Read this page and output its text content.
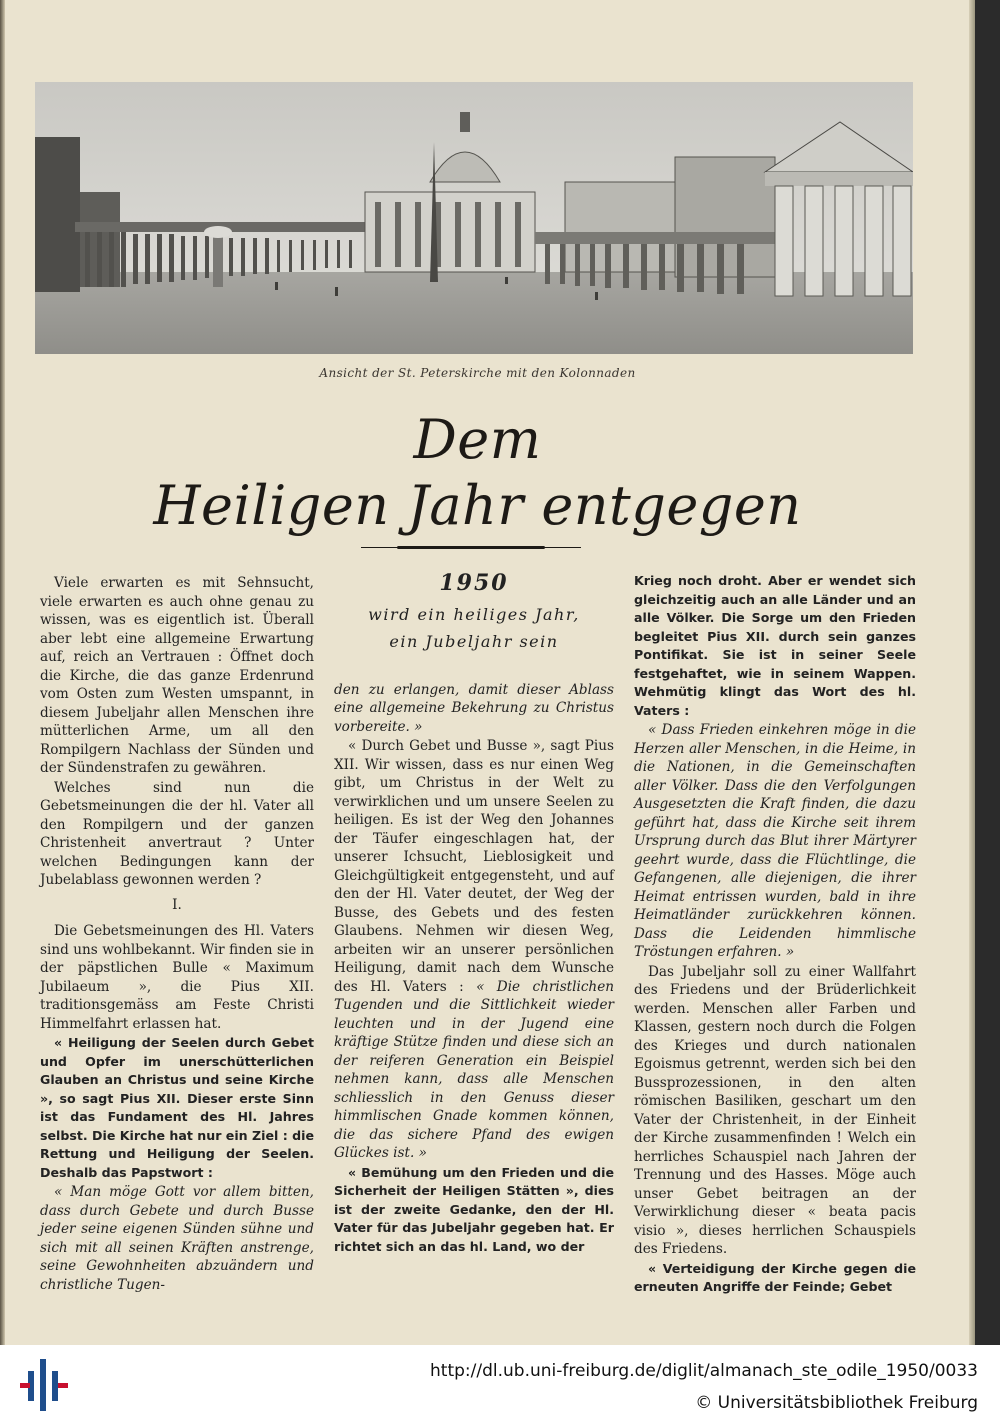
Ansicht der St. Peterskirche mit den Kolonnaden
Dem
Heiligen Jahr entgegen

Viele erwarten es mit Sehnsucht, viele erwarten es auch ohne genau zu wissen, was es eigentlich ist. Überall aber lebt eine allgemeine Erwartung auf, reich an Vertrauen : Öffnet doch die Kirche, die das ganze Erdenrund vom Osten zum Westen umspannt, in diesem Jubeljahr allen Menschen ihre mütterlichen Arme, um all den Rompilgern Nachlass der Sünden und der Sündenstrafen zu gewähren.

Welches sind nun die Gebetsmeinungen die der hl. Vater all den Rompilgern und der ganzen Christenheit anvertraut ? Unter welchen Bedingungen kann der Jubelablass gewonnen werden ?

I.

Die Gebetsmeinungen des Hl. Vaters sind uns wohlbekannt. Wir finden sie in der päpstlichen Bulle « Maximum Jubilaeum », die Pius XII. traditionsgemäss am Feste Christi Himmelfahrt erlassen hat.

« Heiligung der Seelen durch Gebet und Opfer im unerschütterlichen Glauben an Christus und seine Kirche », so sagt Pius XII. Dieser erste Sinn ist das Fundament des Hl. Jahres selbst. Die Kirche hat nur ein Ziel : die Rettung und Heiligung der Seelen. Deshalb das Papstwort :

« Man möge Gott vor allem bitten, dass durch Gebete und durch Busse jeder seine eigenen Sünden sühne und sich mit all seinen Kräften anstrenge, seine Gewohnheiten abzuändern und christliche Tugen-

1950
wird ein heiliges Jahr,
ein Jubeljahr sein

den zu erlangen, damit dieser Ablass eine allgemeine Bekehrung zu Christus vorbereite. »

« Durch Gebet und Busse », sagt Pius XII. Wir wissen, dass es nur einen Weg gibt, um Christus in der Welt zu verwirklichen und um unsere Seelen zu heiligen. Es ist der Weg den Johannes der Täufer eingeschlagen hat, der unserer Ichsucht, Lieblosigkeit und Gleichgültigkeit entgegensteht, und auf den der Hl. Vater deutet, der Weg der Busse, des Gebets und des festen Glaubens. Nehmen wir diesen Weg, arbeiten wir an unserer persönlichen Heiligung, damit nach dem Wunsche des Hl. Vaters : « Die christlichen Tugenden und die Sittlichkeit wieder leuchten und in der Jugend eine kräftige Stütze finden und diese sich an der reiferen Generation ein Beispiel nehmen kann, dass alle Menschen schliesslich in den Genuss dieser himmlischen Gnade kommen können, die das sichere Pfand des ewigen Glückes ist. »

« Bemühung um den Frieden und die Sicherheit der Heiligen Stätten », dies ist der zweite Gedanke, den der Hl. Vater für das Jubeljahr gegeben hat. Er richtet sich an das hl. Land, wo der

Krieg noch droht. Aber er wendet sich gleichzeitig auch an alle Länder und an alle Völker. Die Sorge um den Frieden begleitet Pius XII. durch sein ganzes Pontifikat. Sie ist in seiner Seele festgehaftet, wie in seinem Wappen. Wehmütig klingt das Wort des hl. Vaters :

« Dass Frieden einkehren möge in die Herzen aller Menschen, in die Heime, in die Nationen, in die Gemeinschaften aller Völker. Dass die den Verfolgungen Ausgesetzten die Kraft finden, die dazu geführt hat, dass die Kirche seit ihrem Ursprung durch das Blut ihrer Märtyrer geehrt wurde, dass die Flüchtlinge, die Gefangenen, alle diejenigen, die ihrer Heimat entrissen wurden, bald in ihre Heimatländer zurückkehren können. Dass die Leidenden himmlische Tröstungen erfahren. »

Das Jubeljahr soll zu einer Wallfahrt des Friedens und der Brüderlichkeit werden. Menschen aller Farben und Klassen, gestern noch durch die Folgen des Krieges und durch nationalen Egoismus getrennt, werden sich bei den Bussprozessionen, in den alten römischen Basiliken, geschart um den Vater der Christenheit, in der Einheit der Kirche zusammenfinden ! Welch ein herrliches Schauspiel nach Jahren der Trennung und des Hasses. Möge auch unser Gebet beitragen an der Verwirklichung dieser « beata pacis visio », dieses herrlichen Schauspiels des Friedens.

« Verteidigung der Kirche gegen die erneuten Angriffe der Feinde; Gebet

http://dl.ub.uni-freiburg.de/diglit/almanach_ste_odile_1950/0033
© Universitätsbibliothek Freiburg
